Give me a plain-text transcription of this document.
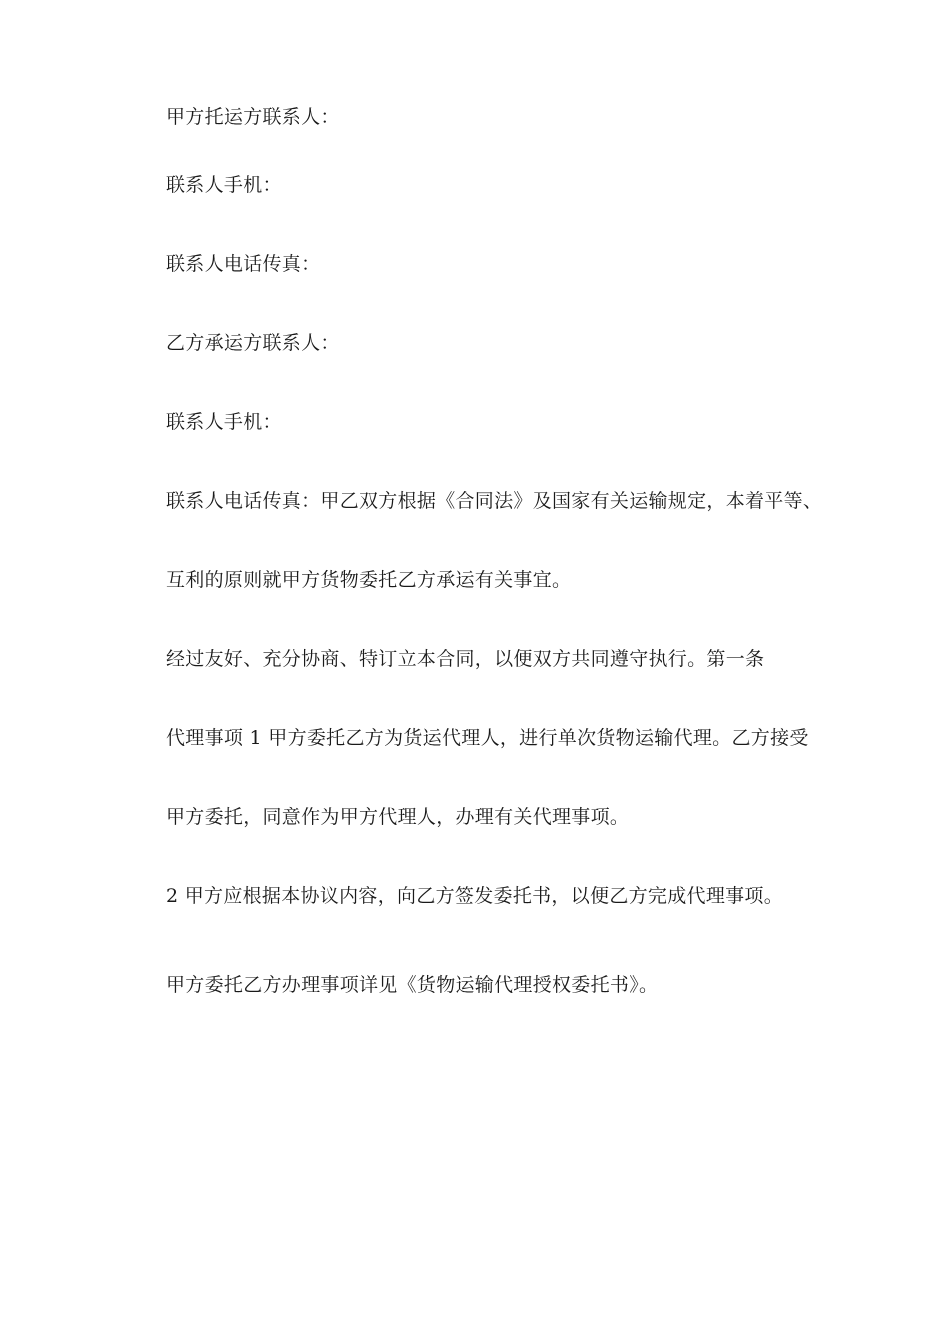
甲方托运方联系人：
联系人手机：
联系人电话传真：
乙方承运方联系人：
联系人手机：
联系人电话传真：甲乙双方根据《合同法》及国家有关运输规定，本着平等、
互利的原则就甲方货物委托乙方承运有关事宜。
经过友好、充分协商、特订立本合同，以便双方共同遵守执行。第一条
代理事项 1 甲方委托乙方为货运代理人，进行单次货物运输代理。乙方接受
甲方委托，同意作为甲方代理人，办理有关代理事项。
2 甲方应根据本协议内容，向乙方签发委托书，以便乙方完成代理事项。
甲方委托乙方办理事项详见《货物运输代理授权委托书》。
